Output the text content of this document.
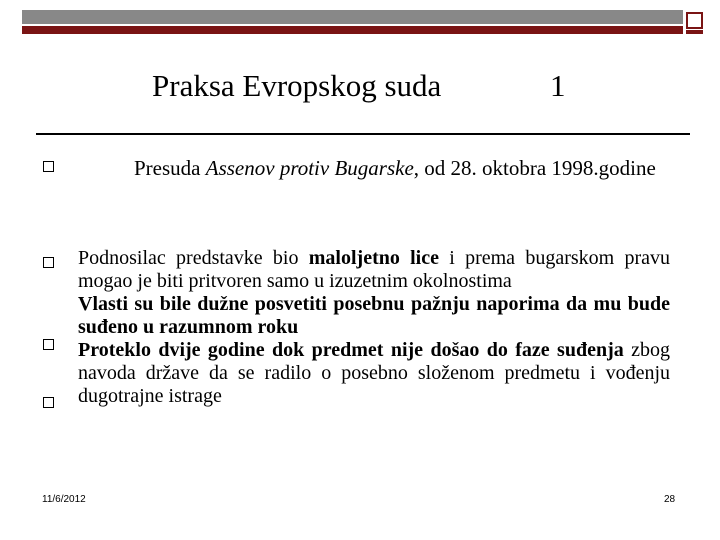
Praksa Evropskog suda	1
Presuda Assenov protiv Bugarske, od 28. oktobra 1998.godine
Podnosilac predstavke bio maloljetno lice i prema bugarskom pravu mogao je biti pritvoren samo u izuzetnim okolnostima
Vlasti su bile dužne posvetiti posebnu pažnju naporima da mu bude suđeno u razumnom roku
Proteklo dvije godine dok predmet nije došao do faze suđenja zbog navoda države da se radilo o posebno složenom predmetu i vođenju dugotrajne istrage
11/6/2012	28
